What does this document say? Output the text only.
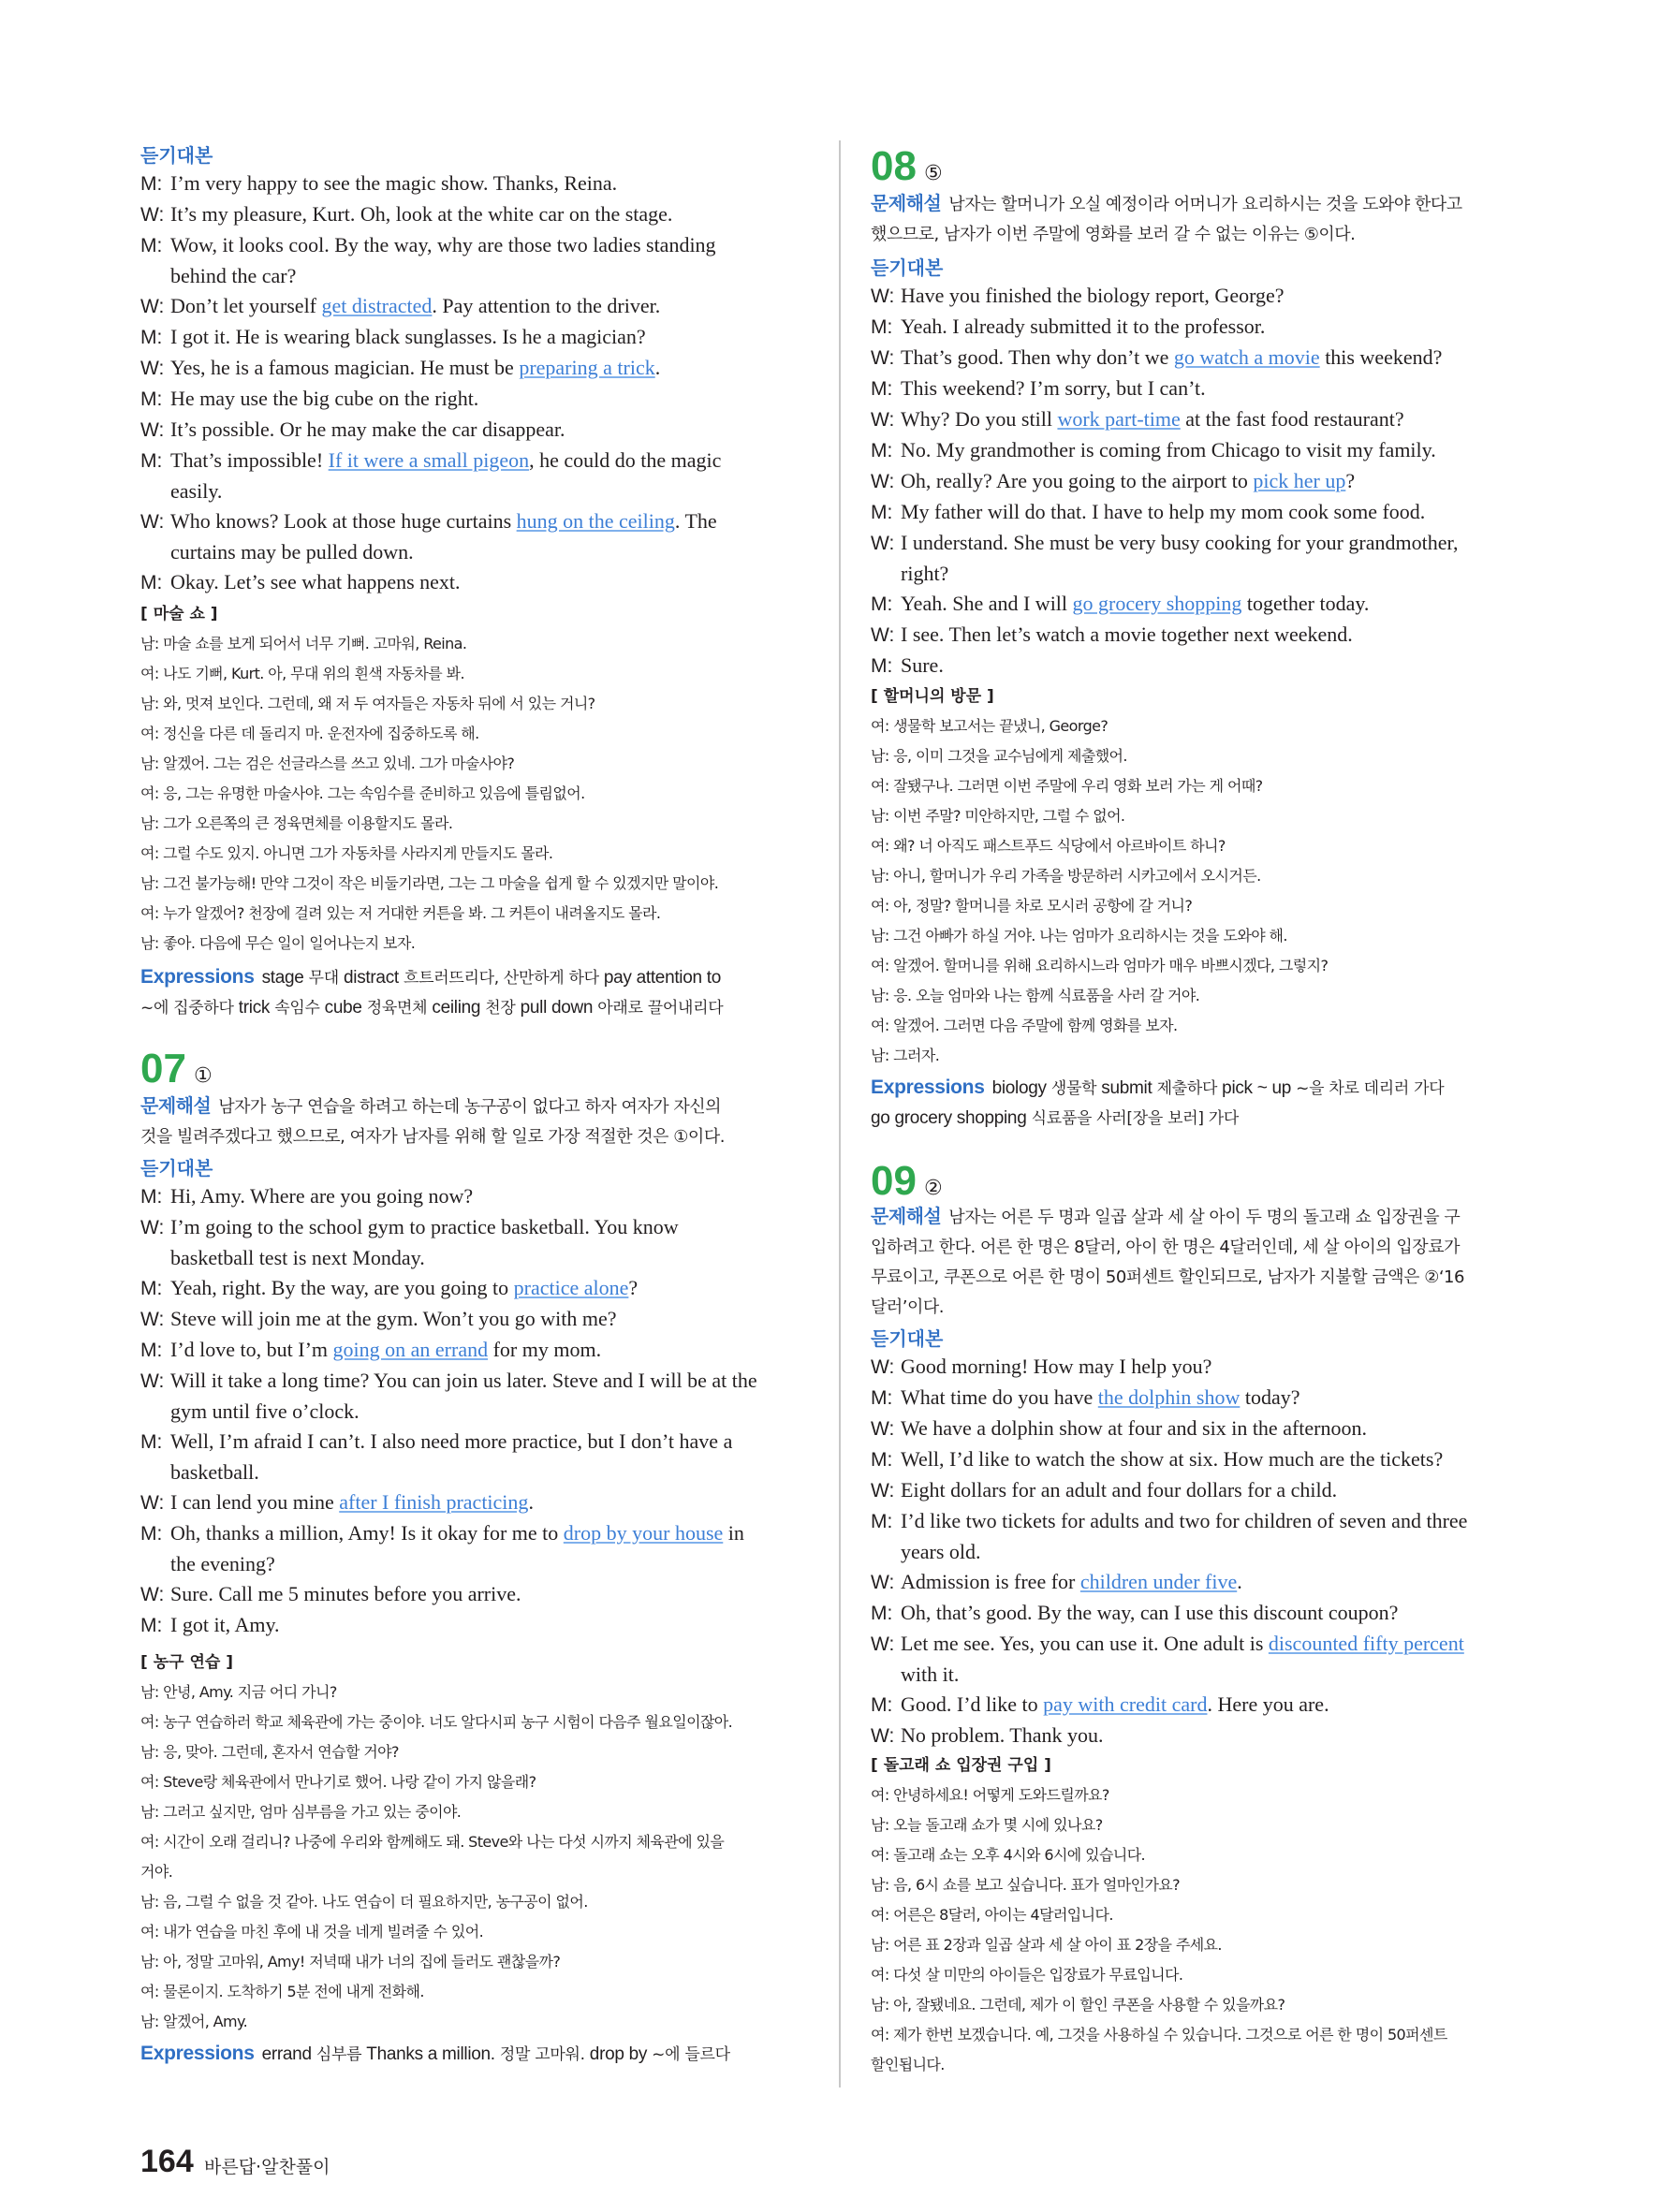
듣기대본
M: I’m very happy to see the magic show. Thanks, Reina.
W: It’s my pleasure, Kurt. Oh, look at the white car on the stage.
M: Wow, it looks cool. By the way, why are those two ladies standing
behind the car?
W: Don’t let yourself get distracted. Pay attention to the driver.
M: I got it. He is wearing black sunglasses. Is he a magician?
W: Yes, he is a famous magician. He must be preparing a trick.
M: He may use the big cube on the right.
W: It’s possible. Or he may make the car disappear.
M: That’s impossible! If it were a small pigeon, he could do the magic
easily.
W: Who knows? Look at those huge curtains hung on the ceiling. The
curtains may be pulled down.
M: Okay. Let’s see what happens next.
[ 마술 쇼 ]
남: 마술 쇼를 보게 되어서 너무 기뻐. 고마워, Reina.
여: 나도 기뻐, Kurt. 아, 무대 위의 흰색 자동차를 봐.
남: 와, 멋져 보인다. 그런데, 왜 저 두 여자들은 자동차 뒤에 서 있는 거니?
여: 정신을 다른 데 돌리지 마. 운전자에 집중하도록 해.
남: 알겠어. 그는 검은 선글라스를 쓰고 있네. 그가 마술사야?
여: 응, 그는 유명한 마술사야. 그는 속임수를 준비하고 있음에 틀림없어.
남: 그가 오른쪽의 큰 정육면체를 이용할지도 몰라.
여: 그럴 수도 있지. 아니면 그가 자동차를 사라지게 만들지도 몰라.
남: 그건 불가능해! 만약 그것이 작은 비둘기라면, 그는 그 마술을 쉽게 할 수 있겠지만 말이야.
여: 누가 알겠어? 천장에 걸려 있는 저 거대한 커튼을 봐. 그 커튼이 내려올지도 몰라.
남: 좋아. 다음에 무슨 일이 일어나는지 보자.
Expressions stage 무대 distract 흐트러뜨리다, 산만하게 하다 pay attention to
~에 집중하다 trick 속임수 cube 정육면체 ceiling 천장 pull down 아래로 끌어내리다
07 ①
문제해설 남자가 농구 연습을 하려고 하는데 농구공이 없다고 하자 여자가 자신의
것을 빌려주겠다고 했으므로, 여자가 남자를 위해 할 일로 가장 적절한 것은 ①이다.
듣기대본
M: Hi, Amy. Where are you going now?
W: I’m going to the school gym to practice basketball. You know
basketball test is next Monday.
M: Yeah, right. By the way, are you going to practice alone?
W: Steve will join me at the gym. Won’t you go with me?
M: I’d love to, but I’m going on an errand for my mom.
W: Will it take a long time? You can join us later. Steve and I will be at the
gym until five o’clock.
M: Well, I’m afraid I can’t. I also need more practice, but I don’t have a
basketball.
W: I can lend you mine after I finish practicing.
M: Oh, thanks a million, Amy! Is it okay for me to drop by your house in
the evening?
W: Sure. Call me 5 minutes before you arrive.
M: I got it, Amy.
[ 농구 연습 ]
남: 안녕, Amy. 지금 어디 가니?
여: 농구 연습하러 학교 체육관에 가는 중이야. 너도 알다시피 농구 시험이 다음주 월요일이잖아.
남: 응, 맞아. 그런데, 혼자서 연습할 거야?
여: Steve랑 체육관에서 만나기로 했어. 나랑 같이 가지 않을래?
남: 그러고 싶지만, 엄마 심부름을 가고 있는 중이야.
여: 시간이 오래 걸리니? 나중에 우리와 함께해도 돼. Steve와 나는 다섯 시까지 체육관에 있을
거야.
남: 음, 그럴 수 없을 것 같아. 나도 연습이 더 필요하지만, 농구공이 없어.
여: 내가 연습을 마친 후에 내 것을 네게 빌려줄 수 있어.
남: 아, 정말 고마워, Amy! 저녁때 내가 너의 집에 들러도 괜찮을까?
여: 물론이지. 도착하기 5분 전에 내게 전화해.
남: 알겠어, Amy.
Expressions errand 심부름 Thanks a million. 정말 고마워. drop by ~에 들르다
08 ⑤
문제해설 남자는 할머니가 오실 예정이라 어머니가 요리하시는 것을 도와야 한다고
했으므로, 남자가 이번 주말에 영화를 보러 갈 수 없는 이유는 ⑤이다.
듣기대본
W: Have you finished the biology report, George?
M: Yeah. I already submitted it to the professor.
W: That’s good. Then why don’t we go watch a movie this weekend?
M: This weekend? I’m sorry, but I can’t.
W: Why? Do you still work part-time at the fast food restaurant?
M: No. My grandmother is coming from Chicago to visit my family.
W: Oh, really? Are you going to the airport to pick her up?
M: My father will do that. I have to help my mom cook some food.
W: I understand. She must be very busy cooking for your grandmother,
right?
M: Yeah. She and I will go grocery shopping together today.
W: I see. Then let’s watch a movie together next weekend.
M: Sure.
[ 할머니의 방문 ]
여: 생물학 보고서는 끝냈니, George?
남: 응, 이미 그것을 교수님에게 제출했어.
여: 잘됐구나. 그러면 이번 주말에 우리 영화 보러 가는 게 어때?
남: 이번 주말? 미안하지만, 그럴 수 없어.
여: 왜? 너 아직도 패스트푸드 식당에서 아르바이트 하니?
남: 아니, 할머니가 우리 가족을 방문하러 시카고에서 오시거든.
여: 아, 정말? 할머니를 차로 모시러 공항에 갈 거니?
남: 그건 아빠가 하실 거야. 나는 엄마가 요리하시는 것을 도와야 해.
여: 알겠어. 할머니를 위해 요리하시느라 엄마가 매우 바쁘시겠다, 그렇지?
남: 응. 오늘 엄마와 나는 함께 식료품을 사러 갈 거야.
여: 알겠어. 그러면 다음 주말에 함께 영화를 보자.
남: 그러자.
Expressions biology 생물학 submit 제출하다 pick ~ up ~을 차로 데리러 가다
go grocery shopping 식료품을 사러[장을 보러] 가다
09 ②
문제해설 남자는 어른 두 명과 일곱 살과 세 살 아이 두 명의 돌고래 쇼 입장권을 구
입하려고 한다. 어른 한 명은 8달러, 아이 한 명은 4달러인데, 세 살 아이의 입장료가
무료이고, 쿠폰으로 어른 한 명이 50퍼센트 할인되므로, 남자가 지불할 금액은 ②‘16
달러’이다.
듣기대본
W: Good morning! How may I help you?
M: What time do you have the dolphin show today?
W: We have a dolphin show at four and six in the afternoon.
M: Well, I’d like to watch the show at six. How much are the tickets?
W: Eight dollars for an adult and four dollars for a child.
M: I’d like two tickets for adults and two for children of seven and three
years old.
W: Admission is free for children under five.
M: Oh, that’s good. By the way, can I use this discount coupon?
W: Let me see. Yes, you can use it. One adult is discounted fifty percent
with it.
M: Good. I’d like to pay with credit card. Here you are.
W: No problem. Thank you.
[ 돌고래 쇼 입장권 구입 ]
여: 안녕하세요! 어떻게 도와드릴까요?
남: 오늘 돌고래 쇼가 몇 시에 있나요?
여: 돌고래 쇼는 오후 4시와 6시에 있습니다.
남: 음, 6시 쇼를 보고 싶습니다. 표가 얼마인가요?
여: 어른은 8달러, 아이는 4달러입니다.
남: 어른 표 2장과 일곱 살과 세 살 아이 표 2장을 주세요.
여: 다섯 살 미만의 아이들은 입장료가 무료입니다.
남: 아, 잘됐네요. 그런데, 제가 이 할인 쿠폰을 사용할 수 있을까요?
여: 제가 한번 보겠습니다. 예, 그것을 사용하실 수 있습니다. 그것으로 어른 한 명이 50퍼센트
할인됩니다.
164 바른답·알찬풀이
